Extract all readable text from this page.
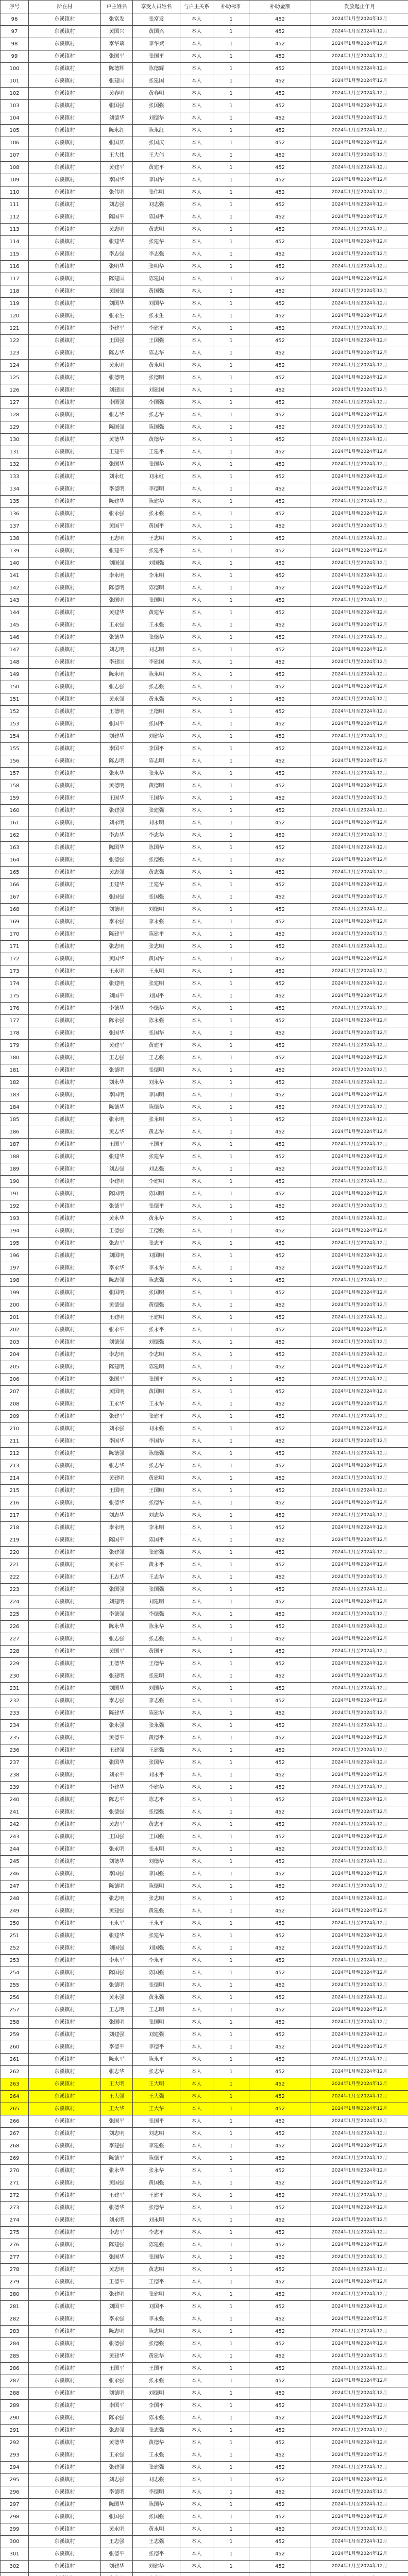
序号	所在村	户主姓名	享受人员姓名	与户主关系	补助标准	补助金额	发放起止年月
96	东溪镇村	张富发	张富发	本人	1	452	2024年1月至2024年12月
97	东溪镇村	黄国兴	黄国兴	本人	1	452	2024年1月至2024年12月
98	东溪镇村	李华斌	李华斌	本人	1	452	2024年1月至2024年12月
99	东溪镇村	张国平	张国平	本人	1	452	2024年1月至2024年12月
100	东溪镇村	陈德辉	陈德辉	本人	1	452	2024年1月至2024年12月
101	东溪镇村	张建国	张建国	本人	1	452	2024年1月至2024年12月
102	东溪镇村	黄春明	黄春明	本人	1	452	2024年1月至2024年12月
103	东溪镇村	张国强	张国强	本人	1	452	2024年1月至2024年12月
104	东溪镇村	刘德华	刘德华	本人	1	452	2024年1月至2024年12月
105	东溪镇村	陈永红	陈永红	本人	1	452	2024年1月至2024年12月
106	东溪镇村	张国庆	张国庆	本人	1	452	2024年1月至2024年12月
107	东溪镇村	王大伟	王大伟	本人	1	452	2024年1月至2024年12月
108	东溪镇村	黄建平	黄建平	本人	1	452	2024年1月至2024年12月
109	东溪镇村	李国华	李国华	本人	1	452	2024年1月至2024年12月
110	东溪镇村	张伟明	张伟明	本人	1	452	2024年1月至2024年12月
111	东溪镇村	刘志强	刘志强	本人	1	452	2024年1月至2024年12月
112	东溪镇村	陈国平	陈国平	本人	1	452	2024年1月至2024年12月
113	东溪镇村	黄志明	黄志明	本人	1	452	2024年1月至2024年12月
114	东溪镇村	张建华	张建华	本人	1	452	2024年1月至2024年12月
115	东溪镇村	李志强	李志强	本人	1	452	2024年1月至2024年12月
116	东溪镇村	张明华	张明华	本人	1	452	2024年1月至2024年12月
117	东溪镇村	陈建国	陈建国	本人	1	452	2024年1月至2024年12月
118	东溪镇村	黄国强	黄国强	本人	1	452	2024年1月至2024年12月
119	东溪镇村	刘国华	刘国华	本人	1	452	2024年1月至2024年12月
120	东溪镇村	张永生	张永生	本人	1	452	2024年1月至2024年12月
121	东溪镇村	李建平	李建平	本人	1	452	2024年1月至2024年12月
122	东溪镇村	王国强	王国强	本人	1	452	2024年1月至2024年12月
123	东溪镇村	陈志华	陈志华	本人	1	452	2024年1月至2024年12月
124	东溪镇村	黄永明	黄永明	本人	1	452	2024年1月至2024年12月
125	东溪镇村	张德明	张德明	本人	1	452	2024年1月至2024年12月
126	东溪镇村	刘建国	刘建国	本人	1	452	2024年1月至2024年12月
127	东溪镇村	李国强	李国强	本人	1	452	2024年1月至2024年12月
128	东溪镇村	张志华	张志华	本人	1	452	2024年1月至2024年12月
129	东溪镇村	陈国强	陈国强	本人	1	452	2024年1月至2024年12月
130	东溪镇村	黄德华	黄德华	本人	1	452	2024年1月至2024年12月
131	东溪镇村	王建平	王建平	本人	1	452	2024年1月至2024年12月
132	东溪镇村	张国华	张国华	本人	1	452	2024年1月至2024年12月
133	东溪镇村	刘永红	刘永红	本人	1	452	2024年1月至2024年12月
134	东溪镇村	李德明	李德明	本人	1	452	2024年1月至2024年12月
135	东溪镇村	陈建华	陈建华	本人	1	452	2024年1月至2024年12月
136	东溪镇村	张永强	张永强	本人	1	452	2024年1月至2024年12月
137	东溪镇村	黄国平	黄国平	本人	1	452	2024年1月至2024年12月
138	东溪镇村	王志明	王志明	本人	1	452	2024年1月至2024年12月
139	东溪镇村	张建平	张建平	本人	1	452	2024年1月至2024年12月
140	东溪镇村	刘国强	刘国强	本人	1	452	2024年1月至2024年12月
141	东溪镇村	李永明	李永明	本人	1	452	2024年1月至2024年12月
142	东溪镇村	陈德明	陈德明	本人	1	452	2024年1月至2024年12月
143	东溪镇村	张国明	张国明	本人	1	452	2024年1月至2024年12月
144	东溪镇村	黄建华	黄建华	本人	1	452	2024年1月至2024年12月
145	东溪镇村	王永强	王永强	本人	1	452	2024年1月至2024年12月
146	东溪镇村	张德华	张德华	本人	1	452	2024年1月至2024年12月
147	东溪镇村	刘志明	刘志明	本人	1	452	2024年1月至2024年12月
148	东溪镇村	李建国	李建国	本人	1	452	2024年1月至2024年12月
149	东溪镇村	陈永明	陈永明	本人	1	452	2024年1月至2024年12月
150	东溪镇村	张志强	张志强	本人	1	452	2024年1月至2024年12月
151	东溪镇村	黄永强	黄永强	本人	1	452	2024年1月至2024年12月
152	东溪镇村	王德明	王德明	本人	1	452	2024年1月至2024年12月
153	东溪镇村	张国平	张国平	本人	1	452	2024年1月至2024年12月
154	东溪镇村	刘建华	刘建华	本人	1	452	2024年1月至2024年12月
155	东溪镇村	李国平	李国平	本人	1	452	2024年1月至2024年12月
156	东溪镇村	陈志明	陈志明	本人	1	452	2024年1月至2024年12月
157	东溪镇村	张永华	张永华	本人	1	452	2024年1月至2024年12月
158	东溪镇村	黄德明	黄德明	本人	1	452	2024年1月至2024年12月
159	东溪镇村	王国华	王国华	本人	1	452	2024年1月至2024年12月
160	东溪镇村	张建强	张建强	本人	1	452	2024年1月至2024年12月
161	东溪镇村	刘永明	刘永明	本人	1	452	2024年1月至2024年12月
162	东溪镇村	李志华	李志华	本人	1	452	2024年1月至2024年12月
163	东溪镇村	陈国华	陈国华	本人	1	452	2024年1月至2024年12月
164	东溪镇村	张德强	张德强	本人	1	452	2024年1月至2024年12月
165	东溪镇村	黄志强	黄志强	本人	1	452	2024年1月至2024年12月
166	东溪镇村	王建华	王建华	本人	1	452	2024年1月至2024年12月
167	东溪镇村	张国强	张国强	本人	1	452	2024年1月至2024年12月
168	东溪镇村	刘德明	刘德明	本人	1	452	2024年1月至2024年12月
169	东溪镇村	李永强	李永强	本人	1	452	2024年1月至2024年12月
170	东溪镇村	陈建平	陈建平	本人	1	452	2024年1月至2024年12月
171	东溪镇村	张志明	张志明	本人	1	452	2024年1月至2024年12月
172	东溪镇村	黄国华	黄国华	本人	1	452	2024年1月至2024年12月
173	东溪镇村	王永明	王永明	本人	1	452	2024年1月至2024年12月
174	东溪镇村	张建明	张建明	本人	1	452	2024年1月至2024年12月
175	东溪镇村	刘国平	刘国平	本人	1	452	2024年1月至2024年12月
176	东溪镇村	李德华	李德华	本人	1	452	2024年1月至2024年12月
177	东溪镇村	陈永强	陈永强	本人	1	452	2024年1月至2024年12月
178	东溪镇村	张国华	张国华	本人	1	452	2024年1月至2024年12月
179	东溪镇村	黄建平	黄建平	本人	1	452	2024年1月至2024年12月
180	东溪镇村	王志强	王志强	本人	1	452	2024年1月至2024年12月
181	东溪镇村	张德明	张德明	本人	1	452	2024年1月至2024年12月
182	东溪镇村	刘永华	刘永华	本人	1	452	2024年1月至2024年12月
183	东溪镇村	李国明	李国明	本人	1	452	2024年1月至2024年12月
184	东溪镇村	陈德华	陈德华	本人	1	452	2024年1月至2024年12月
185	东溪镇村	张永明	张永明	本人	1	452	2024年1月至2024年12月
186	东溪镇村	黄志华	黄志华	本人	1	452	2024年1月至2024年12月
187	东溪镇村	王国平	王国平	本人	1	452	2024年1月至2024年12月
188	东溪镇村	张建华	张建华	本人	1	452	2024年1月至2024年12月
189	东溪镇村	刘志强	刘志强	本人	1	452	2024年1月至2024年12月
190	东溪镇村	李建明	李建明	本人	1	452	2024年1月至2024年12月
191	东溪镇村	陈国明	陈国明	本人	1	452	2024年1月至2024年12月
192	东溪镇村	张德平	张德平	本人	1	452	2024年1月至2024年12月
193	东溪镇村	黄永华	黄永华	本人	1	452	2024年1月至2024年12月
194	东溪镇村	王德强	王德强	本人	1	452	2024年1月至2024年12月
195	东溪镇村	张志平	张志平	本人	1	452	2024年1月至2024年12月
196	东溪镇村	刘国明	刘国明	本人	1	452	2024年1月至2024年12月
197	东溪镇村	李永华	李永华	本人	1	452	2024年1月至2024年12月
198	东溪镇村	陈志强	陈志强	本人	1	452	2024年1月至2024年12月
199	东溪镇村	张国明	张国明	本人	1	452	2024年1月至2024年12月
200	东溪镇村	黄德强	黄德强	本人	1	452	2024年1月至2024年12月
201	东溪镇村	王建明	王建明	本人	1	452	2024年1月至2024年12月
202	东溪镇村	张永平	张永平	本人	1	452	2024年1月至2024年12月
203	东溪镇村	刘德强	刘德强	本人	1	452	2024年1月至2024年12月
204	东溪镇村	李志明	李志明	本人	1	452	2024年1月至2024年12月
205	东溪镇村	陈建明	陈建明	本人	1	452	2024年1月至2024年12月
206	东溪镇村	张国平	张国平	本人	1	452	2024年1月至2024年12月
207	东溪镇村	黄国明	黄国明	本人	1	452	2024年1月至2024年12月
208	东溪镇村	王永华	王永华	本人	1	452	2024年1月至2024年12月
209	东溪镇村	张建平	张建平	本人	1	452	2024年1月至2024年12月
210	东溪镇村	刘永强	刘永强	本人	1	452	2024年1月至2024年12月
211	东溪镇村	李国华	李国华	本人	1	452	2024年1月至2024年12月
212	东溪镇村	陈德强	陈德强	本人	1	452	2024年1月至2024年12月
213	东溪镇村	张志华	张志华	本人	1	452	2024年1月至2024年12月
214	东溪镇村	黄建明	黄建明	本人	1	452	2024年1月至2024年12月
215	东溪镇村	王国明	王国明	本人	1	452	2024年1月至2024年12月
216	东溪镇村	张德华	张德华	本人	1	452	2024年1月至2024年12月
217	东溪镇村	刘志华	刘志华	本人	1	452	2024年1月至2024年12月
218	东溪镇村	李永明	李永明	本人	1	452	2024年1月至2024年12月
219	东溪镇村	陈国平	陈国平	本人	1	452	2024年1月至2024年12月
220	东溪镇村	张建强	张建强	本人	1	452	2024年1月至2024年12月
221	东溪镇村	黄永平	黄永平	本人	1	452	2024年1月至2024年12月
222	东溪镇村	王志华	王志华	本人	1	452	2024年1月至2024年12月
223	东溪镇村	张国强	张国强	本人	1	452	2024年1月至2024年12月
224	东溪镇村	刘建明	刘建明	本人	1	452	2024年1月至2024年12月
225	东溪镇村	李德强	李德强	本人	1	452	2024年1月至2024年12月
226	东溪镇村	陈永华	陈永华	本人	1	452	2024年1月至2024年12月
227	东溪镇村	张志强	张志强	本人	1	452	2024年1月至2024年12月
228	东溪镇村	黄国平	黄国平	本人	1	452	2024年1月至2024年12月
229	东溪镇村	王德华	王德华	本人	1	452	2024年1月至2024年12月
230	东溪镇村	张建明	张建明	本人	1	452	2024年1月至2024年12月
231	东溪镇村	刘国华	刘国华	本人	1	452	2024年1月至2024年12月
232	东溪镇村	李志强	李志强	本人	1	452	2024年1月至2024年12月
233	东溪镇村	陈建华	陈建华	本人	1	452	2024年1月至2024年12月
234	东溪镇村	张永强	张永强	本人	1	452	2024年1月至2024年12月
235	东溪镇村	黄德平	黄德平	本人	1	452	2024年1月至2024年12月
236	东溪镇村	王建强	王建强	本人	1	452	2024年1月至2024年12月
237	东溪镇村	张国华	张国华	本人	1	452	2024年1月至2024年12月
238	东溪镇村	刘永平	刘永平	本人	1	452	2024年1月至2024年12月
239	东溪镇村	李建华	李建华	本人	1	452	2024年1月至2024年12月
240	东溪镇村	陈志平	陈志平	本人	1	452	2024年1月至2024年12月
241	东溪镇村	张德强	张德强	本人	1	452	2024年1月至2024年12月
242	东溪镇村	黄志平	黄志平	本人	1	452	2024年1月至2024年12月
243	东溪镇村	王国强	王国强	本人	1	452	2024年1月至2024年12月
244	东溪镇村	张永明	张永明	本人	1	452	2024年1月至2024年12月
245	东溪镇村	刘德华	刘德华	本人	1	452	2024年1月至2024年12月
246	东溪镇村	李国强	李国强	本人	1	452	2024年1月至2024年12月
247	东溪镇村	陈德明	陈德明	本人	1	452	2024年1月至2024年12月
248	东溪镇村	张志明	张志明	本人	1	452	2024年1月至2024年12月
249	东溪镇村	黄建强	黄建强	本人	1	452	2024年1月至2024年12月
250	东溪镇村	王永平	王永平	本人	1	452	2024年1月至2024年12月
251	东溪镇村	张建华	张建华	本人	1	452	2024年1月至2024年12月
252	东溪镇村	刘国强	刘国强	本人	1	452	2024年1月至2024年12月
253	东溪镇村	李永平	李永平	本人	1	452	2024年1月至2024年12月
254	东溪镇村	陈国强	陈国强	本人	1	452	2024年1月至2024年12月
255	东溪镇村	张德明	张德明	本人	1	452	2024年1月至2024年12月
256	东溪镇村	黄永强	黄永强	本人	1	452	2024年1月至2024年12月
257	东溪镇村	王志明	王志明	本人	1	452	2024年1月至2024年12月
258	东溪镇村	张国明	张国明	本人	1	452	2024年1月至2024年12月
259	东溪镇村	刘建强	刘建强	本人	1	452	2024年1月至2024年12月
260	东溪镇村	李德平	李德平	本人	1	452	2024年1月至2024年12月
261	东溪镇村	陈永平	陈永平	本人	1	452	2024年1月至2024年12月
262	东溪镇村	张志华	张志华	本人	1	452	2024年1月至2024年12月
263	东溪镇村	王大明	王大明	本人	1	452	2024年1月至2024年12月
264	东溪镇村	王大强	王大强	本人	1	452	2024年1月至2024年12月
265	东溪镇村	王大华	王大华	本人	1	452	2024年1月至2024年12月
266	东溪镇村	张国平	张国平	本人	1	452	2024年1月至2024年12月
267	东溪镇村	刘志明	刘志明	本人	1	452	2024年1月至2024年12月
268	东溪镇村	李建强	李建强	本人	1	452	2024年1月至2024年12月
269	东溪镇村	陈德平	陈德平	本人	1	452	2024年1月至2024年12月
270	东溪镇村	张永华	张永华	本人	1	452	2024年1月至2024年12月
271	东溪镇村	黄国强	黄国强	本人	1	452	2024年1月至2024年12月
272	东溪镇村	王建平	王建平	本人	1	452	2024年1月至2024年12月
273	东溪镇村	张德华	张德华	本人	1	452	2024年1月至2024年12月
274	东溪镇村	刘永明	刘永明	本人	1	452	2024年1月至2024年12月
275	东溪镇村	李志平	李志平	本人	1	452	2024年1月至2024年12月
276	东溪镇村	陈建强	陈建强	本人	1	452	2024年1月至2024年12月
277	东溪镇村	张国华	张国华	本人	1	452	2024年1月至2024年12月
278	东溪镇村	黄志明	黄志明	本人	1	452	2024年1月至2024年12月
279	东溪镇村	王德平	王德平	本人	1	452	2024年1月至2024年12月
280	东溪镇村	张建明	张建明	本人	1	452	2024年1月至2024年12月
281	东溪镇村	刘国平	刘国平	本人	1	452	2024年1月至2024年12月
282	东溪镇村	李永强	李永强	本人	1	452	2024年1月至2024年12月
283	东溪镇村	陈志明	陈志明	本人	1	452	2024年1月至2024年12月
284	东溪镇村	张德强	张德强	本人	1	452	2024年1月至2024年12月
285	东溪镇村	黄建华	黄建华	本人	1	452	2024年1月至2024年12月
286	东溪镇村	王国平	王国平	本人	1	452	2024年1月至2024年12月
287	东溪镇村	张永强	张永强	本人	1	452	2024年1月至2024年12月
288	东溪镇村	刘德明	刘德明	本人	1	452	2024年1月至2024年12月
289	东溪镇村	李国平	李国平	本人	1	452	2024年1月至2024年12月
290	东溪镇村	陈永强	陈永强	本人	1	452	2024年1月至2024年12月
291	东溪镇村	张志强	张志强	本人	1	452	2024年1月至2024年12月
292	东溪镇村	黄德华	黄德华	本人	1	452	2024年1月至2024年12月
293	东溪镇村	王永强	王永强	本人	1	452	2024年1月至2024年12月
294	东溪镇村	张建强	张建强	本人	1	452	2024年1月至2024年12月
295	东溪镇村	刘志强	刘志强	本人	1	452	2024年1月至2024年12月
296	东溪镇村	李德明	李德明	本人	1	452	2024年1月至2024年12月
297	东溪镇村	陈国华	陈国华	本人	1	452	2024年1月至2024年12月
298	东溪镇村	张国强	张国强	本人	1	452	2024年1月至2024年12月
299	东溪镇村	黄永明	黄永明	本人	1	452	2024年1月至2024年12月
300	东溪镇村	王志强	王志强	本人	1	452	2024年1月至2024年12月
301	东溪镇村	张德平	张德平	本人	1	452	2024年1月至2024年12月
302	东溪镇村	刘建华	刘建华	本人	1	452	2024年1月至2024年12月
